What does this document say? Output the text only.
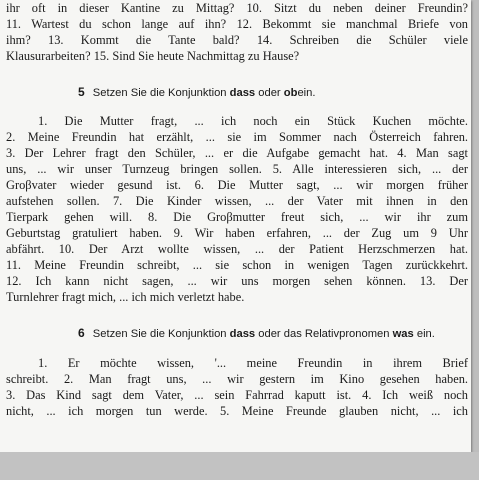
ihr oft in dieser Kantine zu Mittag? 10. Sitzt du neben deiner Freundin?

11. Wartest du schon lange auf ihn? 12. Bekommt sie manchmal Briefe von

ihm? 13. Kommt die Tante bald? 14. Schreiben die Schüler viele

Klausurarbeiten? 15. Sind Sie heute Nachmittag zu Hause?

5 Setzen Sie die Konjunktion dass oder obein.

1. Die Mutter fragt, ... ich noch ein Stück Kuchen möchte.

2. Meine Freundin hat erzählt, ... sie im Sommer nach Österreich fahren.

3. Der Lehrer fragt den Schüler, ... er die Aufgabe gemacht hat. 4. Man sagt

uns, ... wir unser Turnzeug bringen sollen. 5. Alle interessieren sich, ... der

Groβvater wieder gesund ist. 6. Die Mutter sagt, ... wir morgen früher

aufstehen sollen. 7. Die Kinder wissen, ... der Vater mit ihnen in den

Tierpark gehen will. 8. Die Groβmutter freut sich, ... wir ihr zum

Geburtstag gratuliert haben. 9. Wir haben erfahren, ... der Zug um 9 Uhr

abfährt. 10. Der Arzt wollte wissen, ... der Patient Herzschmerzen hat.

11. Meine Freundin schreibt, ... sie schon in wenigen Tagen zurückkehrt.

12. Ich kann nicht sagen, ... wir uns morgen sehen können. 13. Der

Turnlehrer fragt mich, ... ich mich verletzt habe.

6 Setzen Sie die Konjunktion dass oder das Relativpronomen was ein.

1. Er möchte wissen, '... meine Freundin in ihrem Brief

schreibt. 2. Man fragt uns, ... wir gestern im Kino gesehen haben.

3. Das Kind sagt dem Vater, ... sein Fahrrad kaputt ist. 4. Ich weiß noch

nicht, ... ich morgen tun werde. 5. Meine Freunde glauben nicht, ... ich
